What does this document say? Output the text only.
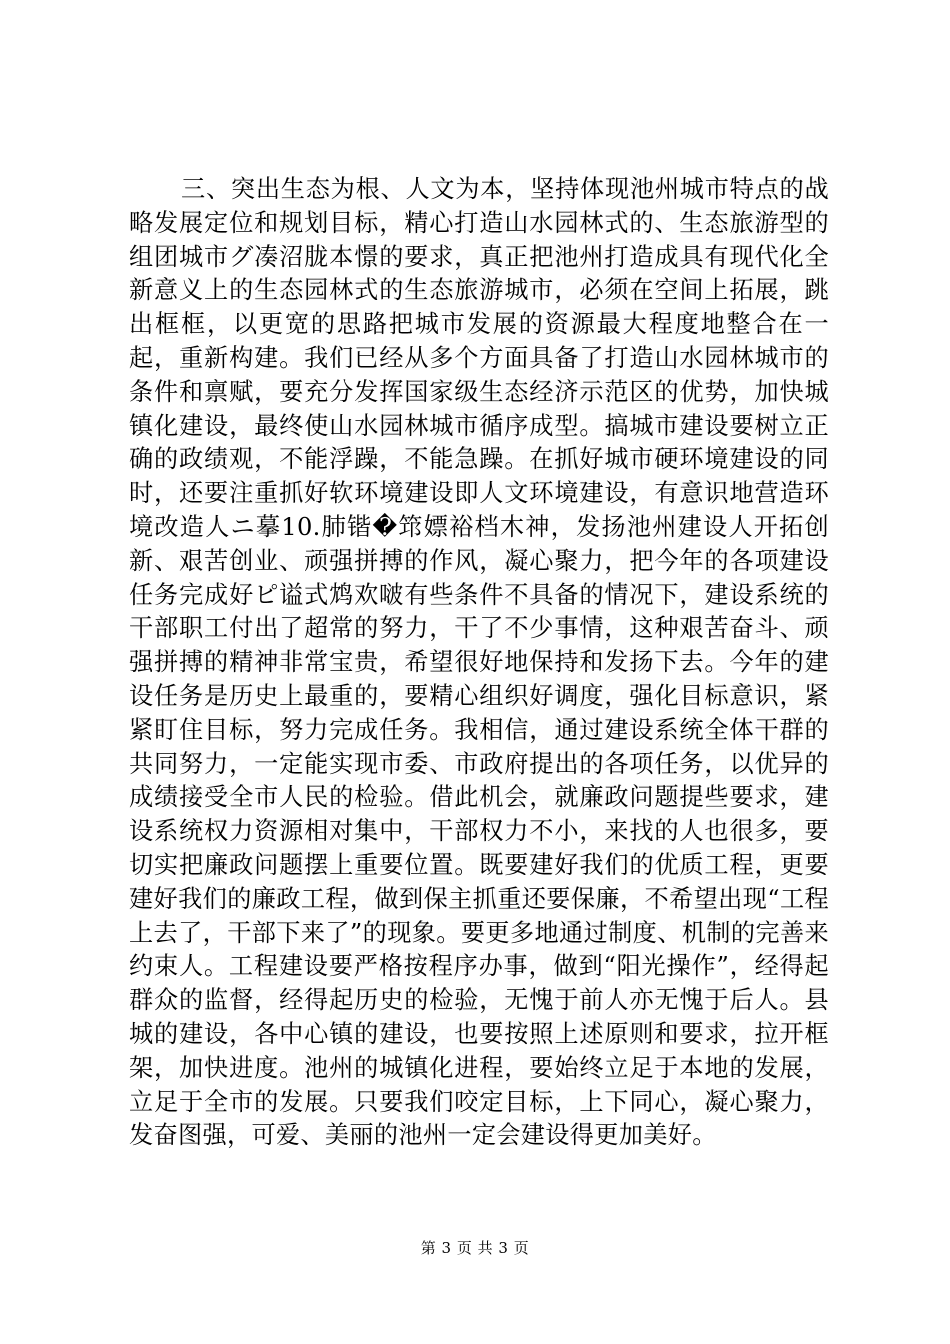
三、突出生态为根、人文为本，坚持体现池州城市特点的战略发展定位和规划目标，精心打造山水园林式的、生态旅游型的组团城市グ凑沼胧本憬的要求，真正把池州打造成具有现代化全新意义上的生态园林式的生态旅游城市，必须在空间上拓展，跳出框框，以更宽的思路把城市发展的资源最大程度地整合在一起，重新构建。我们已经从多个方面具备了打造山水园林城市的条件和禀赋，要充分发挥国家级生态经济示范区的优势，加快城镇化建设，最终使山水园林城市循序成型。搞城市建设要树立正确的政绩观，不能浮躁，不能急躁。在抓好城市硬环境建设的同时，还要注重抓好软环境建设即人文环境建设，有意识地营造环境改造人ニ摹10.肺锴�筇嫖裕档木神，发扬池州建设人开拓创新、艰苦创业、顽强拼搏的作风，凝心聚力，把今年的各项建设任务完成好ピ谥式鸩欢啵有些条件不具备的情况下，建设系统的干部职工付出了超常的努力，干了不少事情，这种艰苦奋斗、顽强拼搏的精神非常宝贵，希望很好地保持和发扬下去。今年的建设任务是历史上最重的，要精心组织好调度，强化目标意识，紧紧盯住目标，努力完成任务。我相信，通过建设系统全体干群的共同努力，一定能实现市委、市政府提出的各项任务，以优异的成绩接受全市人民的检验。借此机会，就廉政问题提些要求，建设系统权力资源相对集中，干部权力不小，来找的人也很多，要切实把廉政问题摆上重要位置。既要建好我们的优质工程，更要建好我们的廉政工程，做到保主抓重还要保廉，不希望出现“工程上去了，干部下来了”的现象。要更多地通过制度、机制的完善来约束人。工程建设要严格按程序办事，做到“阳光操作”，经得起群众的监督，经得起历史的检验，无愧于前人亦无愧于后人。县城的建设，各中心镇的建设，也要按照上述原则和要求，拉开框架，加快进度。池州的城镇化进程，要始终立足于本地的发展，立足于全市的发展。只要我们咬定目标，上下同心，凝心聚力，发奋图强，可爱、美丽的池州一定会建设得更加美好。

第 3 页 共 3 页
